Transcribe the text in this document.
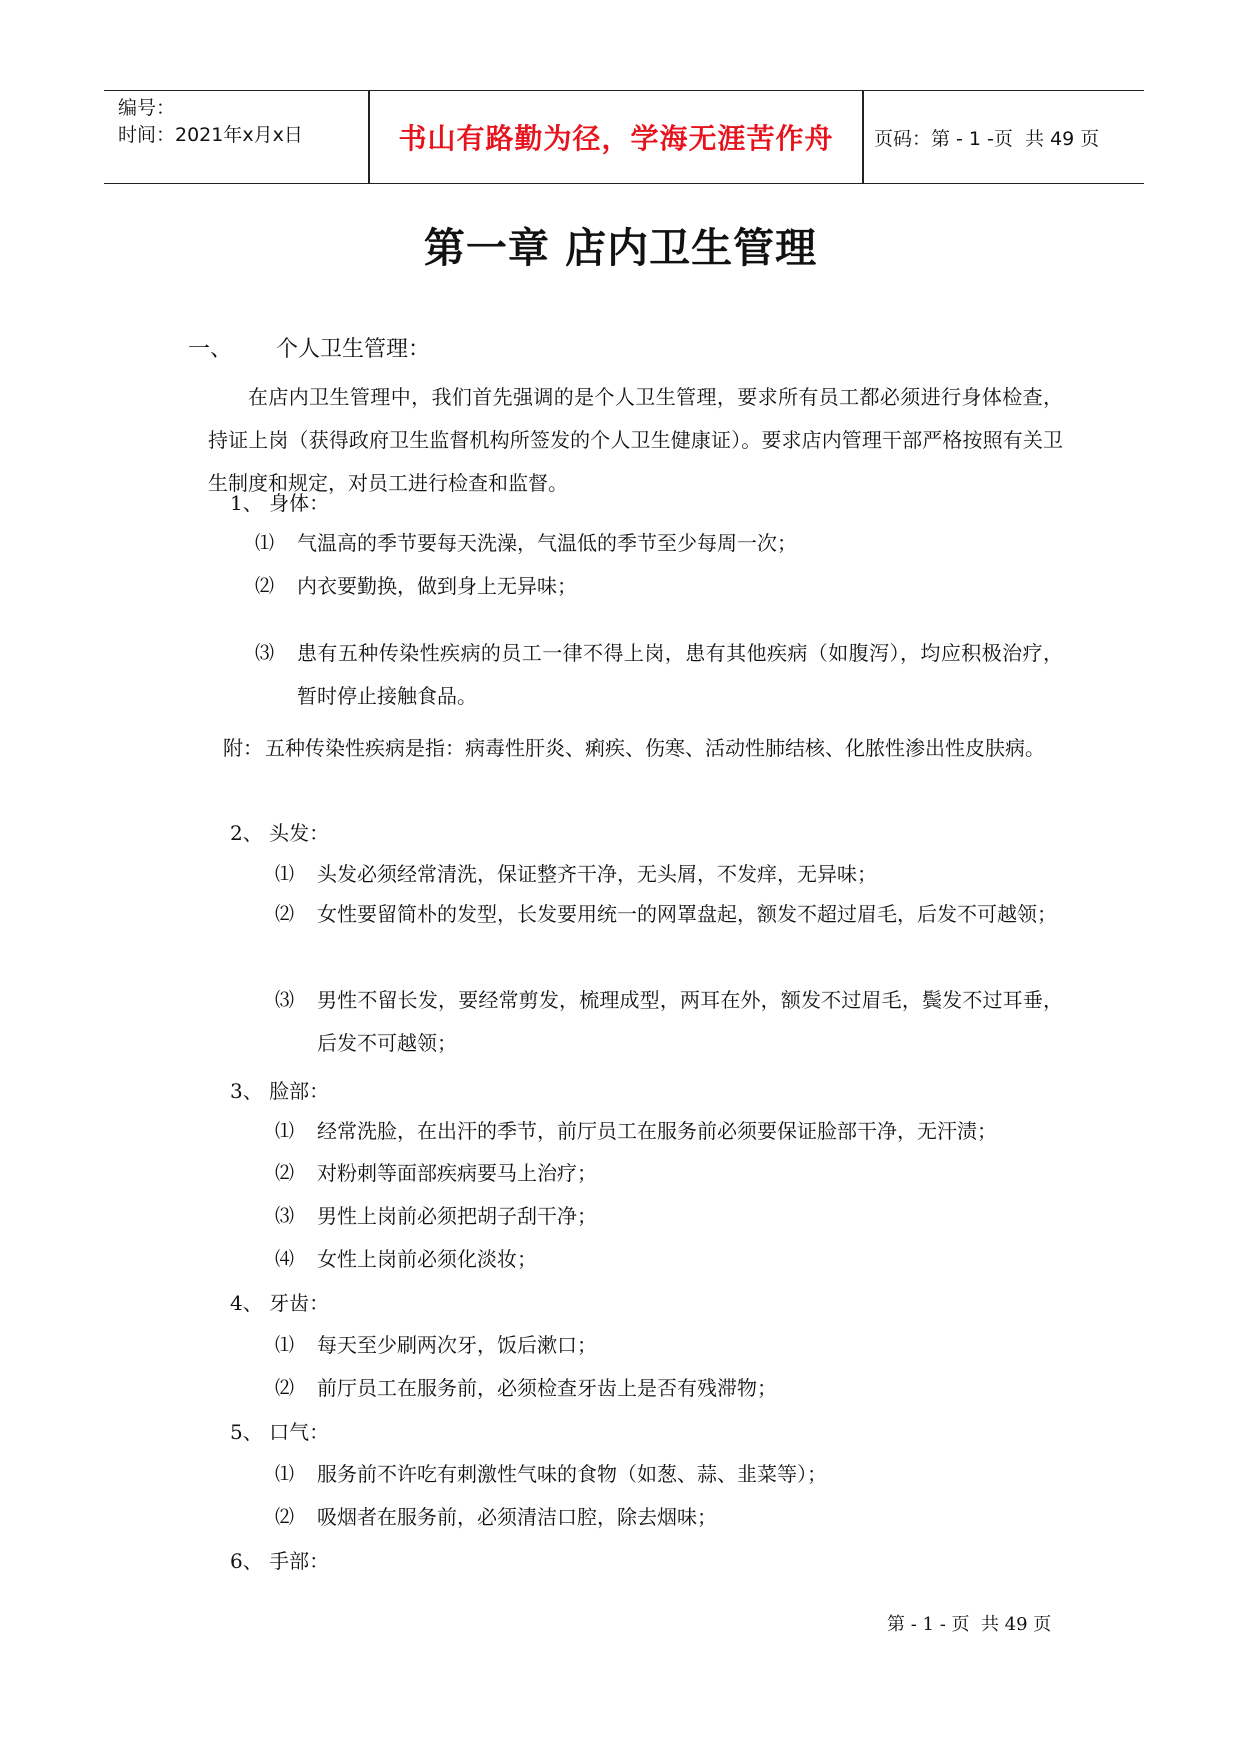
编号：
时间：2021年x月x日	书山有路勤为径，学海无涯苦作舟	页码：第 - 1 -页  共 49 页
第一章 店内卫生管理
一、 个人卫生管理：
在店内卫生管理中，我们首先强调的是个人卫生管理，要求所有员工都必须进行身体检查，持证上岗（获得政府卫生监督机构所签发的个人卫生健康证）。要求店内管理干部严格按照有关卫生制度和规定，对员工进行检查和监督。
1、 身体：
⑴	气温高的季节要每天洗澡，气温低的季节至少每周一次；
⑵	内衣要勤换，做到身上无异味；
⑶	患有五种传染性疾病的员工一律不得上岗，患有其他疾病（如腹泻），均应积极治疗，暂时停止接触食品。
附： 五种传染性疾病是指：病毒性肝炎、痢疾、伤寒、活动性肺结核、化脓性渗出性皮肤病。
2、 头发：
⑴	头发必须经常清洗，保证整齐干净，无头屑，不发痒，无异味；
⑵	女性要留简朴的发型，长发要用统一的网罩盘起，额发不超过眉毛，后发不可越领；
⑶	男性不留长发，要经常剪发，梳理成型，两耳在外，额发不过眉毛，鬓发不过耳垂，后发不可越领；
3、 脸部：
⑴	经常洗脸，在出汗的季节，前厅员工在服务前必须要保证脸部干净，无汗渍；
⑵	对粉刺等面部疾病要马上治疗；
⑶	男性上岗前必须把胡子刮干净；
⑷	女性上岗前必须化淡妆；
4、 牙齿：
⑴	每天至少刷两次牙，饭后漱口；
⑵	前厅员工在服务前，必须检查牙齿上是否有残滞物；
5、 口气：
⑴	服务前不许吃有刺激性气味的食物（如葱、蒜、韭菜等）；
⑵	吸烟者在服务前，必须清洁口腔，除去烟味；
6、 手部：
第 - 1 - 页  共 49 页
